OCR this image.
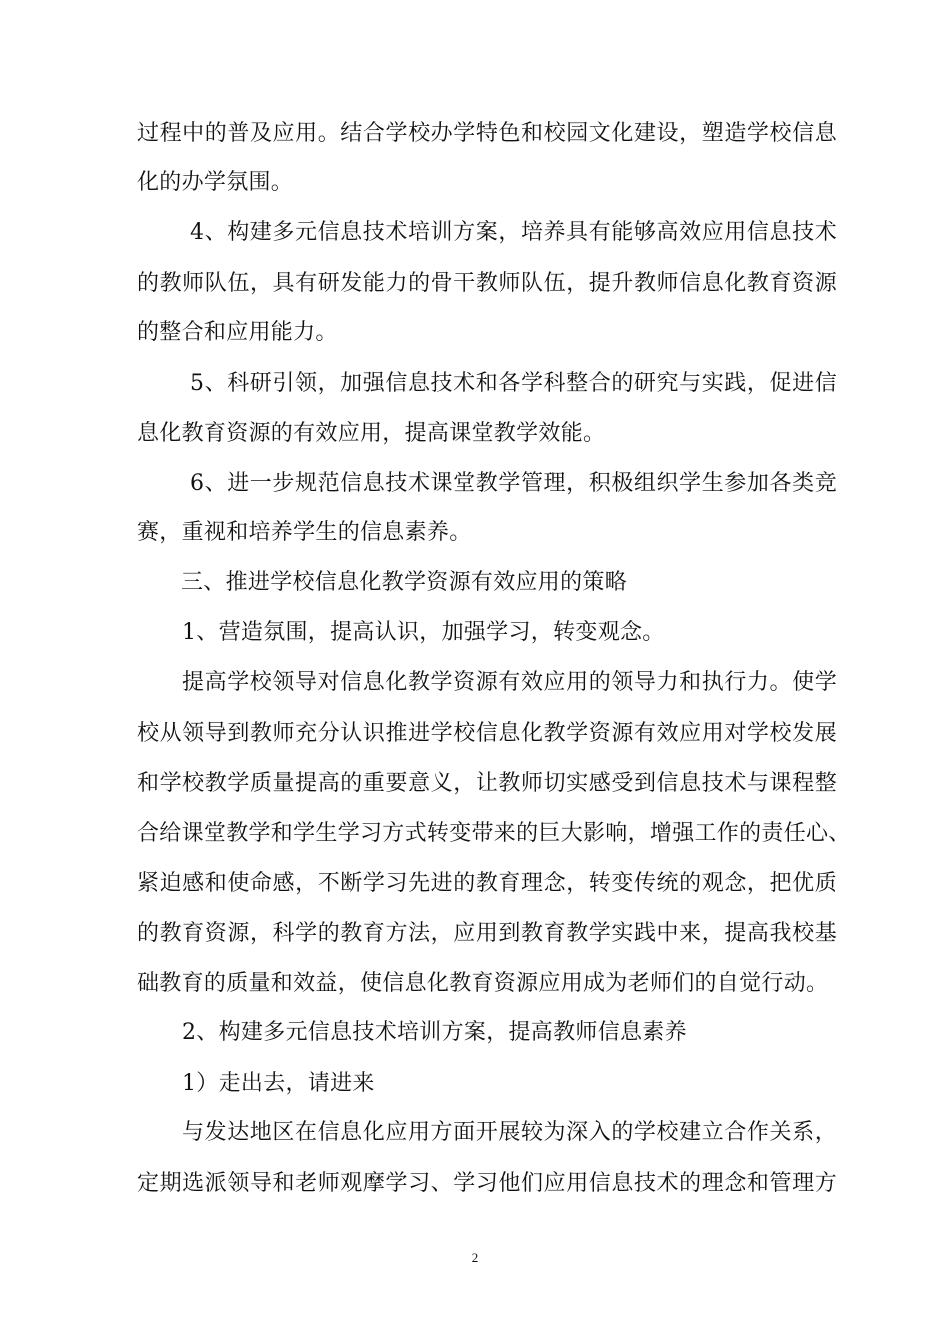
过程中的普及应用。结合学校办学特色和校园文化建设，塑造学校信息
化的办学氛围。
4、构建多元信息技术培训方案，培养具有能够高效应用信息技术
的教师队伍，具有研发能力的骨干教师队伍，提升教师信息化教育资源
的整合和应用能力。
5、科研引领，加强信息技术和各学科整合的研究与实践，促进信
息化教育资源的有效应用，提高课堂教学效能。
6、进一步规范信息技术课堂教学管理，积极组织学生参加各类竞
赛，重视和培养学生的信息素养。
三、推进学校信息化教学资源有效应用的策略
1、营造氛围，提高认识，加强学习，转变观念。
提高学校领导对信息化教学资源有效应用的领导力和执行力。使学
校从领导到教师充分认识推进学校信息化教学资源有效应用对学校发展
和学校教学质量提高的重要意义，让教师切实感受到信息技术与课程整
合给课堂教学和学生学习方式转变带来的巨大影响，增强工作的责任心、
紧迫感和使命感，不断学习先进的教育理念，转变传统的观念，把优质
的教育资源，科学的教育方法，应用到教育教学实践中来，提高我校基
础教育的质量和效益，使信息化教育资源应用成为老师们的自觉行动。
2、构建多元信息技术培训方案，提高教师信息素养
1）走出去，请进来
与发达地区在信息化应用方面开展较为深入的学校建立合作关系，
定期选派领导和老师观摩学习、学习他们应用信息技术的理念和管理方
2
